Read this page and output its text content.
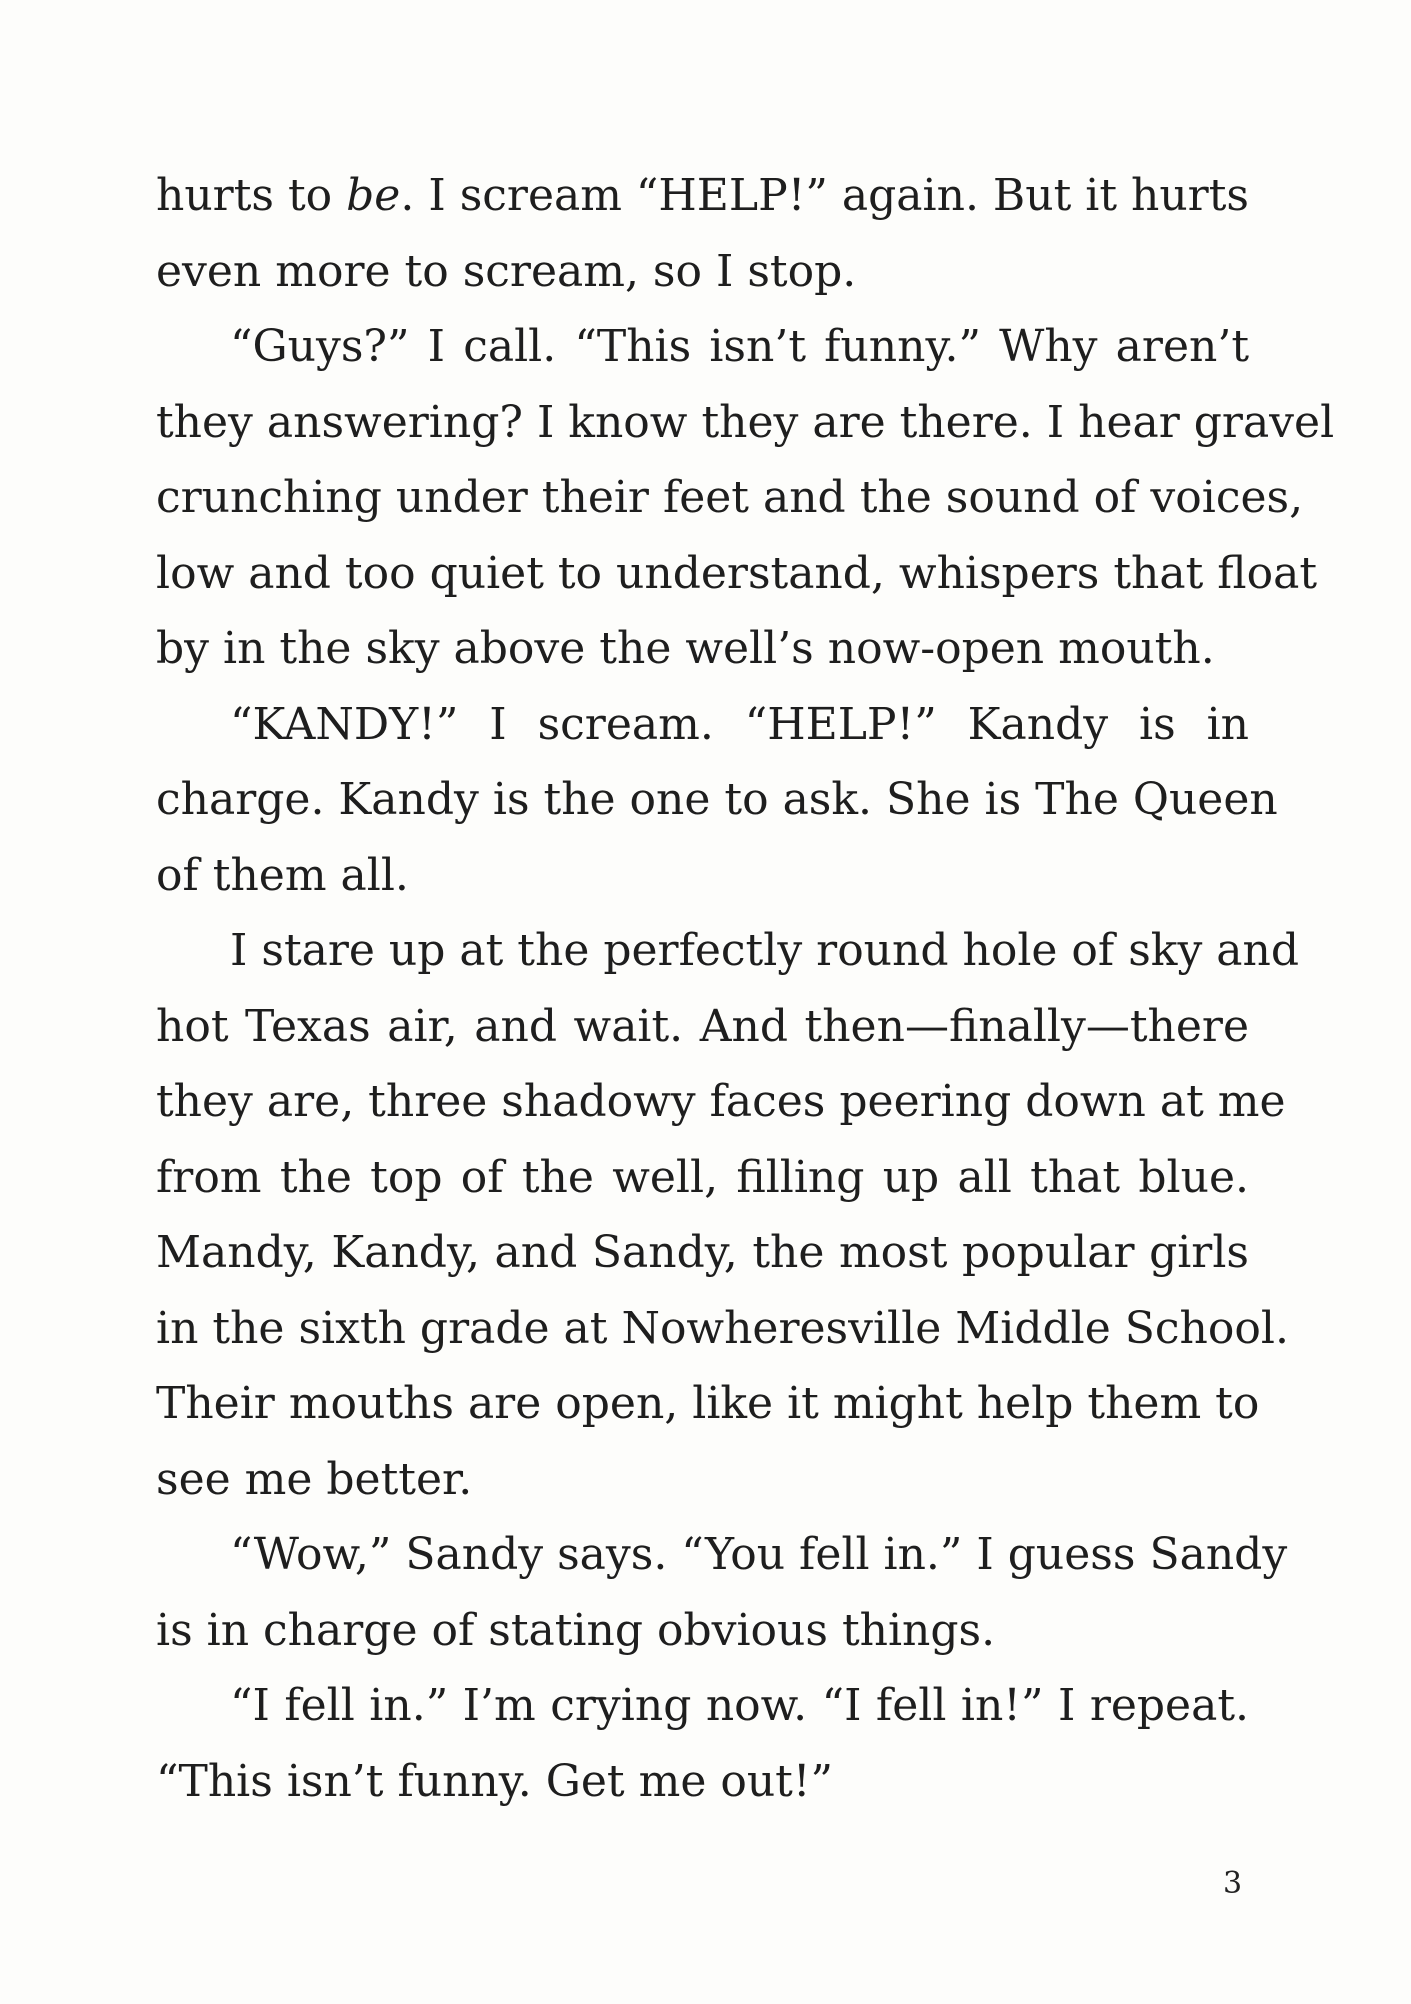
hurts to be. I scream “HELP!” again. But it hurts
even more to scream, so I stop.
“Guys?” I call. “This isn’t funny.” Why aren’t
they answering? I know they are there. I hear gravel
crunching under their feet and the sound of voices,
low and too quiet to understand, whispers that float
by in the sky above the well’s now-open mouth.
“KANDY!” I scream. “HELP!” Kandy is in
charge. Kandy is the one to ask. She is The Queen
of them all.
I stare up at the perfectly round hole of sky and
hot Texas air, and wait. And then—finally—there
they are, three shadowy faces peering down at me
from the top of the well, filling up all that blue.
Mandy, Kandy, and Sandy, the most popular girls
in the sixth grade at Nowheresville Middle School.
Their mouths are open, like it might help them to
see me better.
“Wow,” Sandy says. “You fell in.” I guess Sandy
is in charge of stating obvious things.
“I fell in.” I’m crying now. “I fell in!” I repeat.
“This isn’t funny. Get me out!”
3
